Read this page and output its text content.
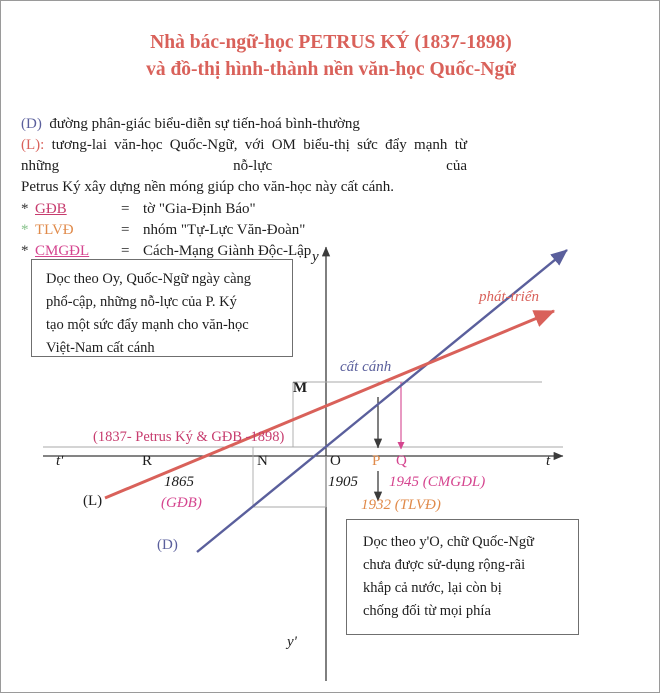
Nhà bác-ngữ-học PETRUS KÝ (1837-1898)
và đồ-thị hình-thành nền văn-học Quốc-Ngữ
(D) đường phân-giác biểu-diễn sự tiến-hoá bình-thường
(L): tương-lai văn-học Quốc-Ngữ, với OM biểu-thị sức đẩy mạnh từ những nỗ-lực của
Petrus Ký xây dựng nền móng giúp cho văn-học này cất cánh.
* GĐB	= tờ "Gia-Định Báo"
* TLVĐ	= nhóm "Tự-Lực Văn-Đoàn"
* CMGĐL	= Cách-Mạng Giành Độc-Lập
Dọc theo Oy, Quốc-Ngữ ngày càng
phổ-cập, những nỗ-lực của P. Ký
tạo một sức đẩy mạnh cho văn-học
Việt-Nam cất cánh
Dọc theo y'O, chữ Quốc-Ngữ
chưa được sử-dụng rộng-rãi
khắp cả nước, lại còn bị
chống đối từ mọi phía
y
y'
t
t'	R	N	O P Q
M
(D)
(L)
phát-triển
cất cánh
(1837- Petrus Ký & GĐB -1898)
1865
(GĐB)
1905 1945 (CMGDL)
1932 (TLVĐ)
